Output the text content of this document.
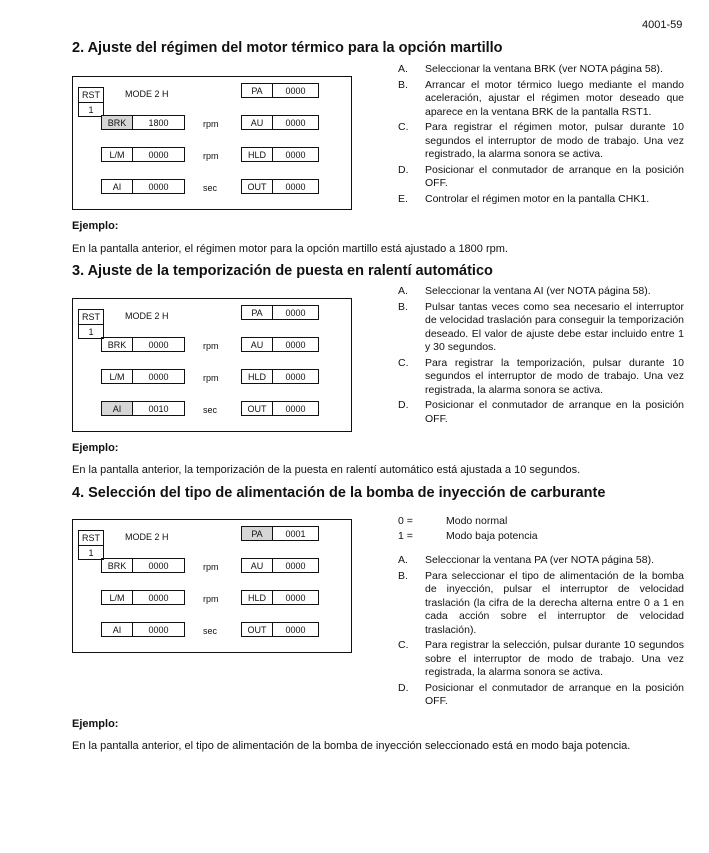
4001-59
2. Ajuste del régimen del motor térmico para la opción martillo
RST
1
MODE 2 H	PA	0000
BRK	1800	AU	0000
L/M	0000	HLD	0000
AI	0000	OUT	0000
rpm
rpm
sec
A.	Seleccionar la ventana BRK (ver NOTA página 58).
B.	Arrancar el motor térmico luego mediante el mando aceleración, ajustar el régimen motor deseado que aparece en la ventana BRK de la pantalla RST1.
C.	Para registrar el régimen motor, pulsar durante 10 segundos el interruptor de modo de trabajo. Una vez registrado, la alarma sonora se activa.
D.	Posicionar el conmutador de arranque en la posición OFF.
E.	Controlar el régimen motor en la pantalla CHK1.
Ejemplo:
En la pantalla anterior, el régimen motor para la opción martillo está ajustado a 1800 rpm.
3. Ajuste de la temporización de puesta en ralentí automático
RST
1
MODE 2 H	PA	0000
BRK	0000	AU	0000
L/M	0000	HLD	0000
AI	0010	OUT	0000
rpm
rpm
sec
A.	Seleccionar la ventana AI (ver NOTA página 58).
B.	Pulsar tantas veces como sea necesario el interruptor de velocidad traslación para conseguir la temporización deseado. El valor de ajuste debe estar incluido entre 1 y 30 segundos.
C.	Para registrar la temporización, pulsar durante 10 segundos el interruptor de modo de trabajo. Una vez registrada, la alarma sonora se activa.
D.	Posicionar el conmutador de arranque en la posición OFF.
Ejemplo:
En la pantalla anterior, la temporización de la puesta en ralentí automático está ajustada a 10 segundos.
4. Selección del tipo de alimentación de la bomba de inyección de carburante
RST
1
MODE 2 H	PA	0001
BRK	0000	AU	0000
L/M	0000	HLD	0000
AI	0000	OUT	0000
rpm
rpm
sec
0 =	Modo normal
1 =	Modo baja potencia
A.	Seleccionar la ventana PA (ver NOTA página 58).
B.	Para seleccionar el tipo de alimentación de la bomba de inyección, pulsar el interruptor de velocidad traslación (la cifra de la derecha alterna entre 0 a 1 en cada acción sobre el interruptor de velocidad traslación).
C.	Para registrar la selección, pulsar durante 10 segundos sobre el interruptor de modo de trabajo. Una vez registrada, la alarma sonora se activa.
D.	Posicionar el conmutador de arranque en la posición OFF.
Ejemplo:
En la pantalla anterior, el tipo de alimentación de la bomba de inyección seleccionado está en modo baja potencia.
